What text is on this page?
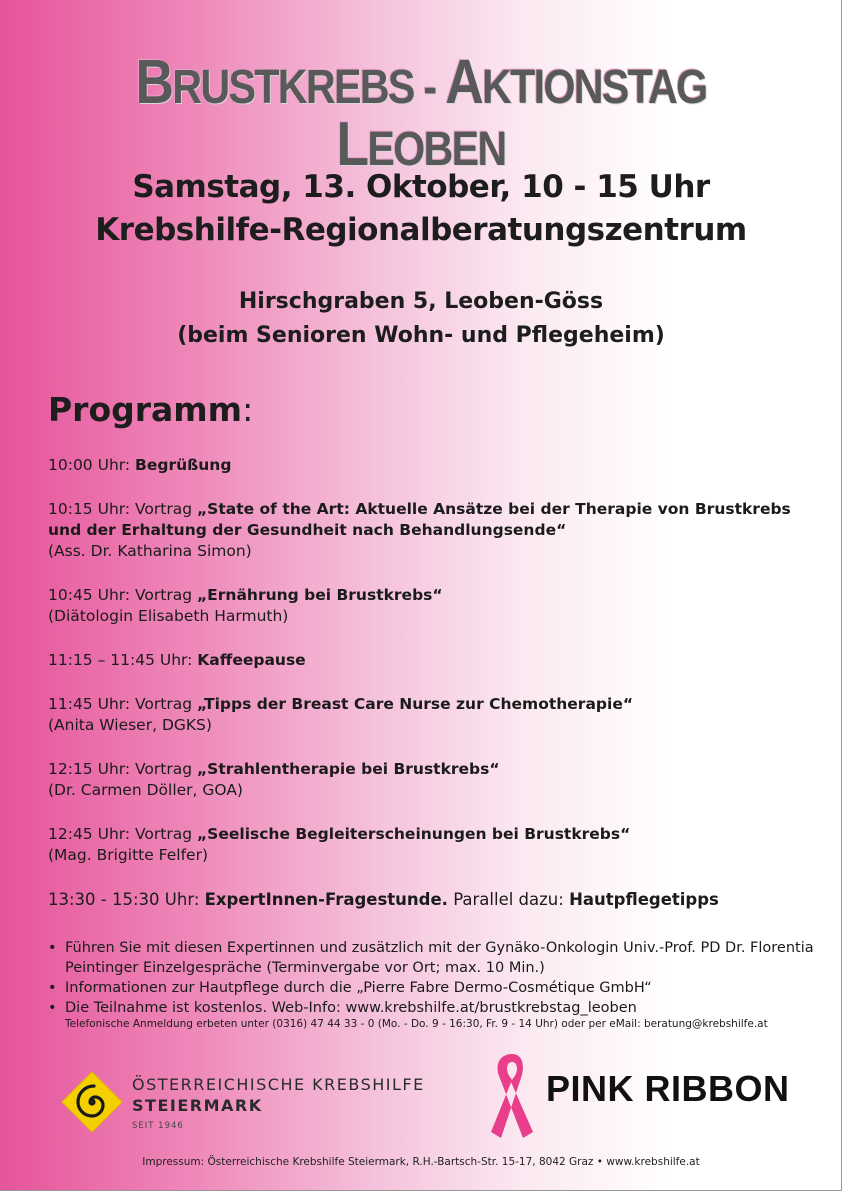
BRUSTKREBS - AKTIONSTAG LEOBEN
Samstag, 13. Oktober, 10 - 15 Uhr
Krebshilfe-Regionalberatungszentrum
Hirschgraben 5, Leoben-Göss
(beim Senioren Wohn- und Pflegeheim)
Programm:
10:00 Uhr: Begrüßung
10:15 Uhr: Vortrag „State of the Art: Aktuelle Ansätze bei der Therapie von Brustkrebs und der Erhaltung der Gesundheit nach Behandlungsende“
(Ass. Dr. Katharina Simon)
10:45 Uhr: Vortrag „Ernährung bei Brustkrebs“
(Diätologin Elisabeth Harmuth)
11:15 – 11:45 Uhr: Kaffeepause
11:45 Uhr: Vortrag „Tipps der Breast Care Nurse zur Chemotherapie“
(Anita Wieser, DGKS)
12:15 Uhr: Vortrag „Strahlentherapie bei Brustkrebs“
(Dr. Carmen Döller, GOA)
12:45 Uhr: Vortrag „Seelische Begleiterscheinungen bei Brustkrebs“
(Mag. Brigitte Felfer)
13:30 - 15:30 Uhr: ExpertInnen-Fragestunde. Parallel dazu: Hautpflegetipps
• Führen Sie mit diesen Expertinnen und zusätzlich mit der Gynäko-Onkologin Univ.-Prof. PD Dr. Florentia Peintinger Einzelgespräche (Terminvergabe vor Ort; max. 10 Min.)
• Informationen zur Hautpflege durch die „Pierre Fabre Dermo-Cosmétique GmbH“
• Die Teilnahme ist kostenlos. Web-Info: www.krebshilfe.at/brustkrebstag_leoben
Telefonische Anmeldung erbeten unter (0316) 47 44 33 - 0 (Mo. - Do. 9 - 16:30, Fr. 9 - 14 Uhr) oder per eMail: beratung@krebshilfe.at
ÖSTERREICHISCHE KREBSHILFE
STEIERMARK
SEIT 1946
PINK RIBBON
Impressum: Österreichische Krebshilfe Steiermark, R.H.-Bartsch-Str. 15-17, 8042 Graz • www.krebshilfe.at
